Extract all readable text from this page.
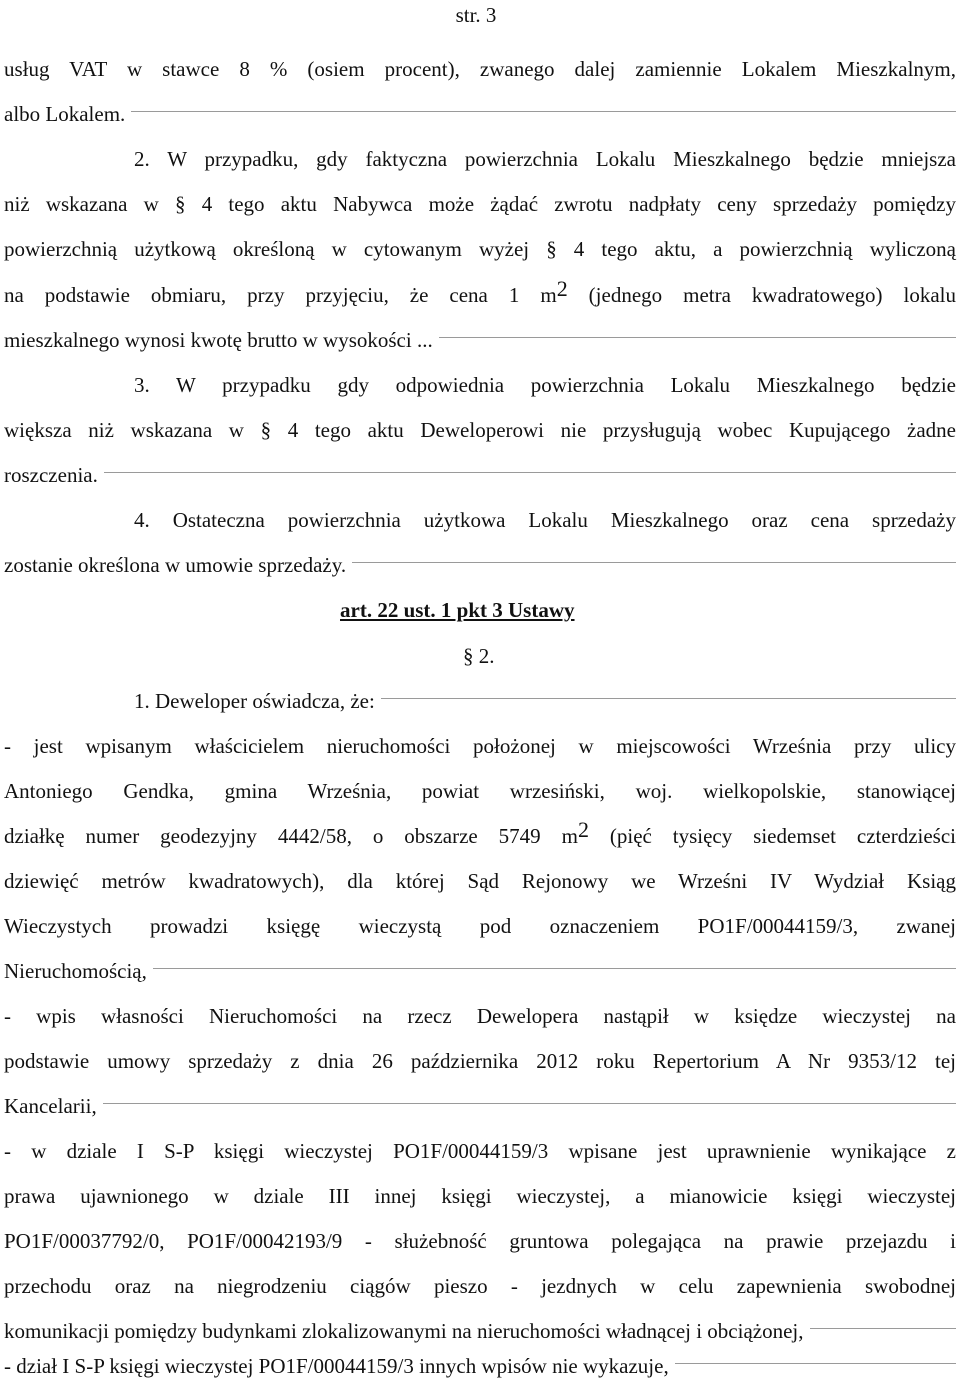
str. 3
usług VAT w stawce 8 % (osiem procent), zwanego dalej zamiennie Lokalem Mieszkalnym,
albo Lokalem.
2. W przypadku, gdy faktyczna powierzchnia Lokalu Mieszkalnego będzie mniejsza
niż wskazana w § 4 tego aktu Nabywca może żądać zwrotu nadpłaty ceny sprzedaży pomiędzy
powierzchnią użytkową określoną w cytowanym wyżej § 4 tego aktu, a powierzchnią wyliczoną
na podstawie obmiaru, przy przyjęciu, że cena 1 $m^2$ (jednego metra kwadratowego) lokalu
mieszkalnego wynosi kwotę brutto w wysokości ...
3. W przypadku gdy odpowiednia powierzchnia Lokalu Mieszkalnego będzie
większa niż wskazana w § 4 tego aktu Deweloperowi nie przysługują wobec Kupującego żadne
roszczenia.
4. Ostateczna powierzchnia użytkowa Lokalu Mieszkalnego oraz cena sprzedaży
zostanie określona w umowie sprzedaży.
art. 22 ust. 1 pkt 3 Ustawy
§ 2.
1. Deweloper oświadcza, że:
- jest wpisanym właścicielem nieruchomości położonej w miejscowości Września przy ulicy
Antoniego Gendka, gmina Września, powiat wrzesiński, woj. wielkopolskie, stanowiącej
działkę numer geodezyjny 4442/58, o obszarze 5749 $m^2$ (pięć tysięcy siedemset czterdzieści
dziewięć metrów kwadratowych), dla której Sąd Rejonowy we Wrześni IV Wydział Ksiąg
Wieczystych prowadzi księgę wieczystą pod oznaczeniem PO1F/00044159/3, zwanej
Nieruchomością,
- wpis własności Nieruchomości na rzecz Dewelopera nastąpił w księdze wieczystej na
podstawie umowy sprzedaży z dnia 26 października 2012 roku Repertorium A Nr 9353/12 tej
Kancelarii,
- w dziale I S-P księgi wieczystej PO1F/00044159/3 wpisane jest uprawnienie wynikające z
prawa ujawnionego w dziale III innej księgi wieczystej, a mianowicie księgi wieczystej
PO1F/00037792/0, PO1F/00042193/9 - służebność gruntowa polegająca na prawie przejazdu i
przechodu oraz na niegrodzeniu ciągów pieszo - jezdnych w celu zapewnienia swobodnej
komunikacji pomiędzy budynkami zlokalizowanymi na nieruchomości władnącej i obciążonej,
- dział I S-P księgi wieczystej PO1F/00044159/3 innych wpisów nie wykazuje,
